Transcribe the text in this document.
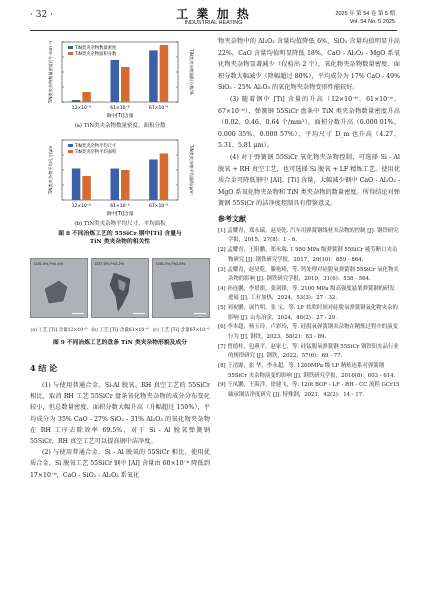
· 32 ·	工 業 加 热
INDUSTRIAL HEATING
2025 年 第 54 卷 第 5 期
Vol. 54 No. 5 2025
12×10⁻⁶	61×10⁻⁶	67×10⁻⁶
TiN类夹杂物数量密度
TiN类夹杂物面积分数
钢中[Ti]含量
TiN类夹杂物数量密度/(个·mm⁻²)	TiN类夹杂物面积分数/%
(a) TiN类夹杂物数量密度、面积分数
12×10⁻⁶	61×10⁻⁶	67×10⁻⁶
TiN类夹杂物平均尺寸
TiN类夹杂物平均面积
钢中[Ti]含量
TiN类夹杂物平均尺寸/μm	TiN类夹杂物平均面积/μm²
(b) TiN类夹杂物平均尺寸、平均面积
图 8 不同冶炼工艺的 55SiCr 钢中[Ti] 含量与
TiN 类夹杂物的相关性
D35.4%,Fe0.4%	D37.5%,Fe3.2%	D36.2%,Fe3.5%
(a) 工艺 [Ti] 含量12×10⁻⁶ (b) 工艺 [Ti] 含量61×10⁻⁶ (c) 工艺 [Ti] 含量67×10⁻⁶
图 9 不同冶炼工艺的盘条 TiN 类夹杂物形貌及成分
4 结 论

(1) 与使用普通合金、Si-Al 脱氧、RH 真空工艺的 55SiCr 相比，取消 RH 工艺 55SiCr 盘条氧化物夹杂物的成分分布变化较小，但总数量密度、面积分数大幅升高（升幅超过 150%），平均成分为 35% CaO - 27% SiO₂ - 31% Al₂O₃ 的氧化物夹杂物在 RH 工序去除效率 69.5%，对于 Si - Al 脱氧弹簧钢 55SiCr，RH 真空工艺可以提高钢中洁净度。

(2) 与使用普通合金、Si - Al 脱氧的 55SiCr 相比，使用优质合金、Si 脱氧工艺 55SiCr 钢中 [Al] 含量由 60×10⁻⁶ 降低到 17×10⁻⁶，CaO - SiO₂ - Al₂O₃ 系氧化

物夹杂物中的 Al₂O₃ 含量均值降低 6%，SiO₂ 含量均值明显升高 22%，CaO 含量均值明显降低 18%，CaO - Al₂O₃ - MgO 系氧化物夹杂物显著减少（仅检出 2 个），氧化物夹杂物数量密度、面积分数大幅减少（降幅超过 80%），平均成分为 17% CaO - 49% SiO₂ - 25% Al₂O₃ 的氧化物夹杂物变形性能较好。

(3) 随着钢中 [Ti] 含量的升高（12×10⁻⁶、61×10⁻⁶、67×10⁻⁶），弹簧钢 55SiCr 盘条中 TiN 类夹杂物数量密度升高（0.02、0.46、0.64 个/mm²），面积分数升高（0.000 01%、0.000 35%、0.000 57%），平均尺寸 D_m 也升高（4.27、5.31、5.81 μm）。

(4) 对于弹簧钢 55SiCr 氧化物夹杂物控制，可选择 Si - Al 脱氧 + RH 真空工艺，也可选择 Si 脱氧 + LF 精炼工艺。使用优质合金可降低钢中 [Al]、[Ti] 含量，大幅减少钢中 CaO - Al₂O₃ - MgO 系氧化物夹杂物和 TiN 类夹杂物的数量密度。所得结论对弹簧钢 55SiCr 的洁净度控制具有借鉴意义。

参考文献
[1] 孟耀青，郑永瑞，赵昊乾. 汽车用弹簧钢线材夹杂物的控制 [J]. 钢铁研究学报，2015，27(8)：1 - 6.
[2] 孟耀青，王阳鹏，郑永瑞. 1 950 MPa 级弹簧钢 55SiCr 疲劳断口夹杂物研究 [J]. 钢铁研究学报，2017，29(10)：859 - 864.
[3] 孟耀青，赵昊乾，滕艳琦，等. 钙处理对硅脱氧弹簧钢 55SiCr 氧化物夹杂物的影响 [J]. 钢铁研究学报，2019，31(6)：538 - 564.
[4] 孙连鹏，李晨旗，张剑锋，等. 2100 MPa 级高强度悬架弹簧钢的研发进展 [J]. 工业加热，2024，53(3)：27 - 32.
[5] 刘祝鹏，展竹明，张 宝，等. LF 软吹时间对硅脱氧弹簧钢氧化物夹杂的影响 [J]. 山东冶金，2024，46(2)：27 - 29.
[6] 李本超，杨玉玲，卢彩玲，等. 硅脱氧弹簧钢夹杂物在精炼过程中的演变行为 [J]. 钢铁，2023，58(2)：83 - 89.
[7] 曾德柱，包燕平，赵家七，等. 硅锰脱氧弹簧钢 55SiCr 钢铁铝夹品行业的规律研究 [J]. 钢铁，2022，57(6)：69 - 77.
[8] 王清源，张 华，李永超，等. 1200MPa 级 LF 精炼连系对弹簧钢 55SiCr 夹杂物演变的影响 [J]. 钢铁研究学报，2016(8)：603 - 614.
[9] 王凤鹏，王海洋，徐建飞，等. 120t BOF - LF - RH - CC 流程 GCr15 轴承钢洁净度研究 [J]. 特殊钢，2021，42(2)：14 - 17.
